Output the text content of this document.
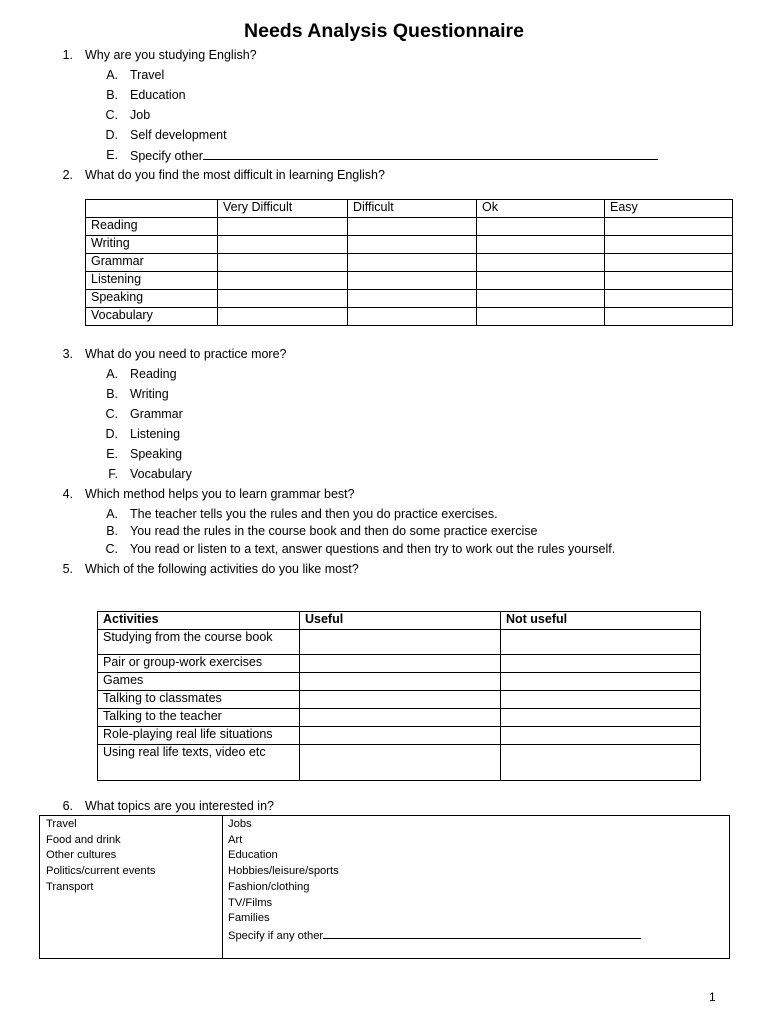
Needs Analysis Questionnaire
1. Why are you studying English?
A. Travel
B. Education
C. Job
D. Self development
E. Specify other
2. What do you find the most difficult in learning English?
	Very Difficult	Difficult	Ok	Easy
Reading				
Writing				
Grammar				
Listening				
Speaking				
Vocabulary				
3. What do you need to practice more?
A. Reading
B. Writing
C. Grammar
D. Listening
E. Speaking
F. Vocabulary
4. Which method helps you to learn grammar best?
A. The teacher tells you the rules and then you do practice exercises.
B. You read the rules in the course book and then do some practice exercise
C. You read or listen to a text, answer questions and then try to work out the rules yourself.
5. Which of the following activities do you like most?
Activities	Useful	Not useful
Studying from the course book		
Pair or group-work exercises		
Games		
Talking to classmates		
Talking to the teacher		
Role-playing real life situations		
Using real life texts, video etc		
6. What topics are you interested in?
Travel
Food and drink
Other cultures
Politics/current events
Transport
Jobs
Art
Education
Hobbies/leisure/sports
Fashion/clothing
TV/Films
Families
Specify if any other
1
